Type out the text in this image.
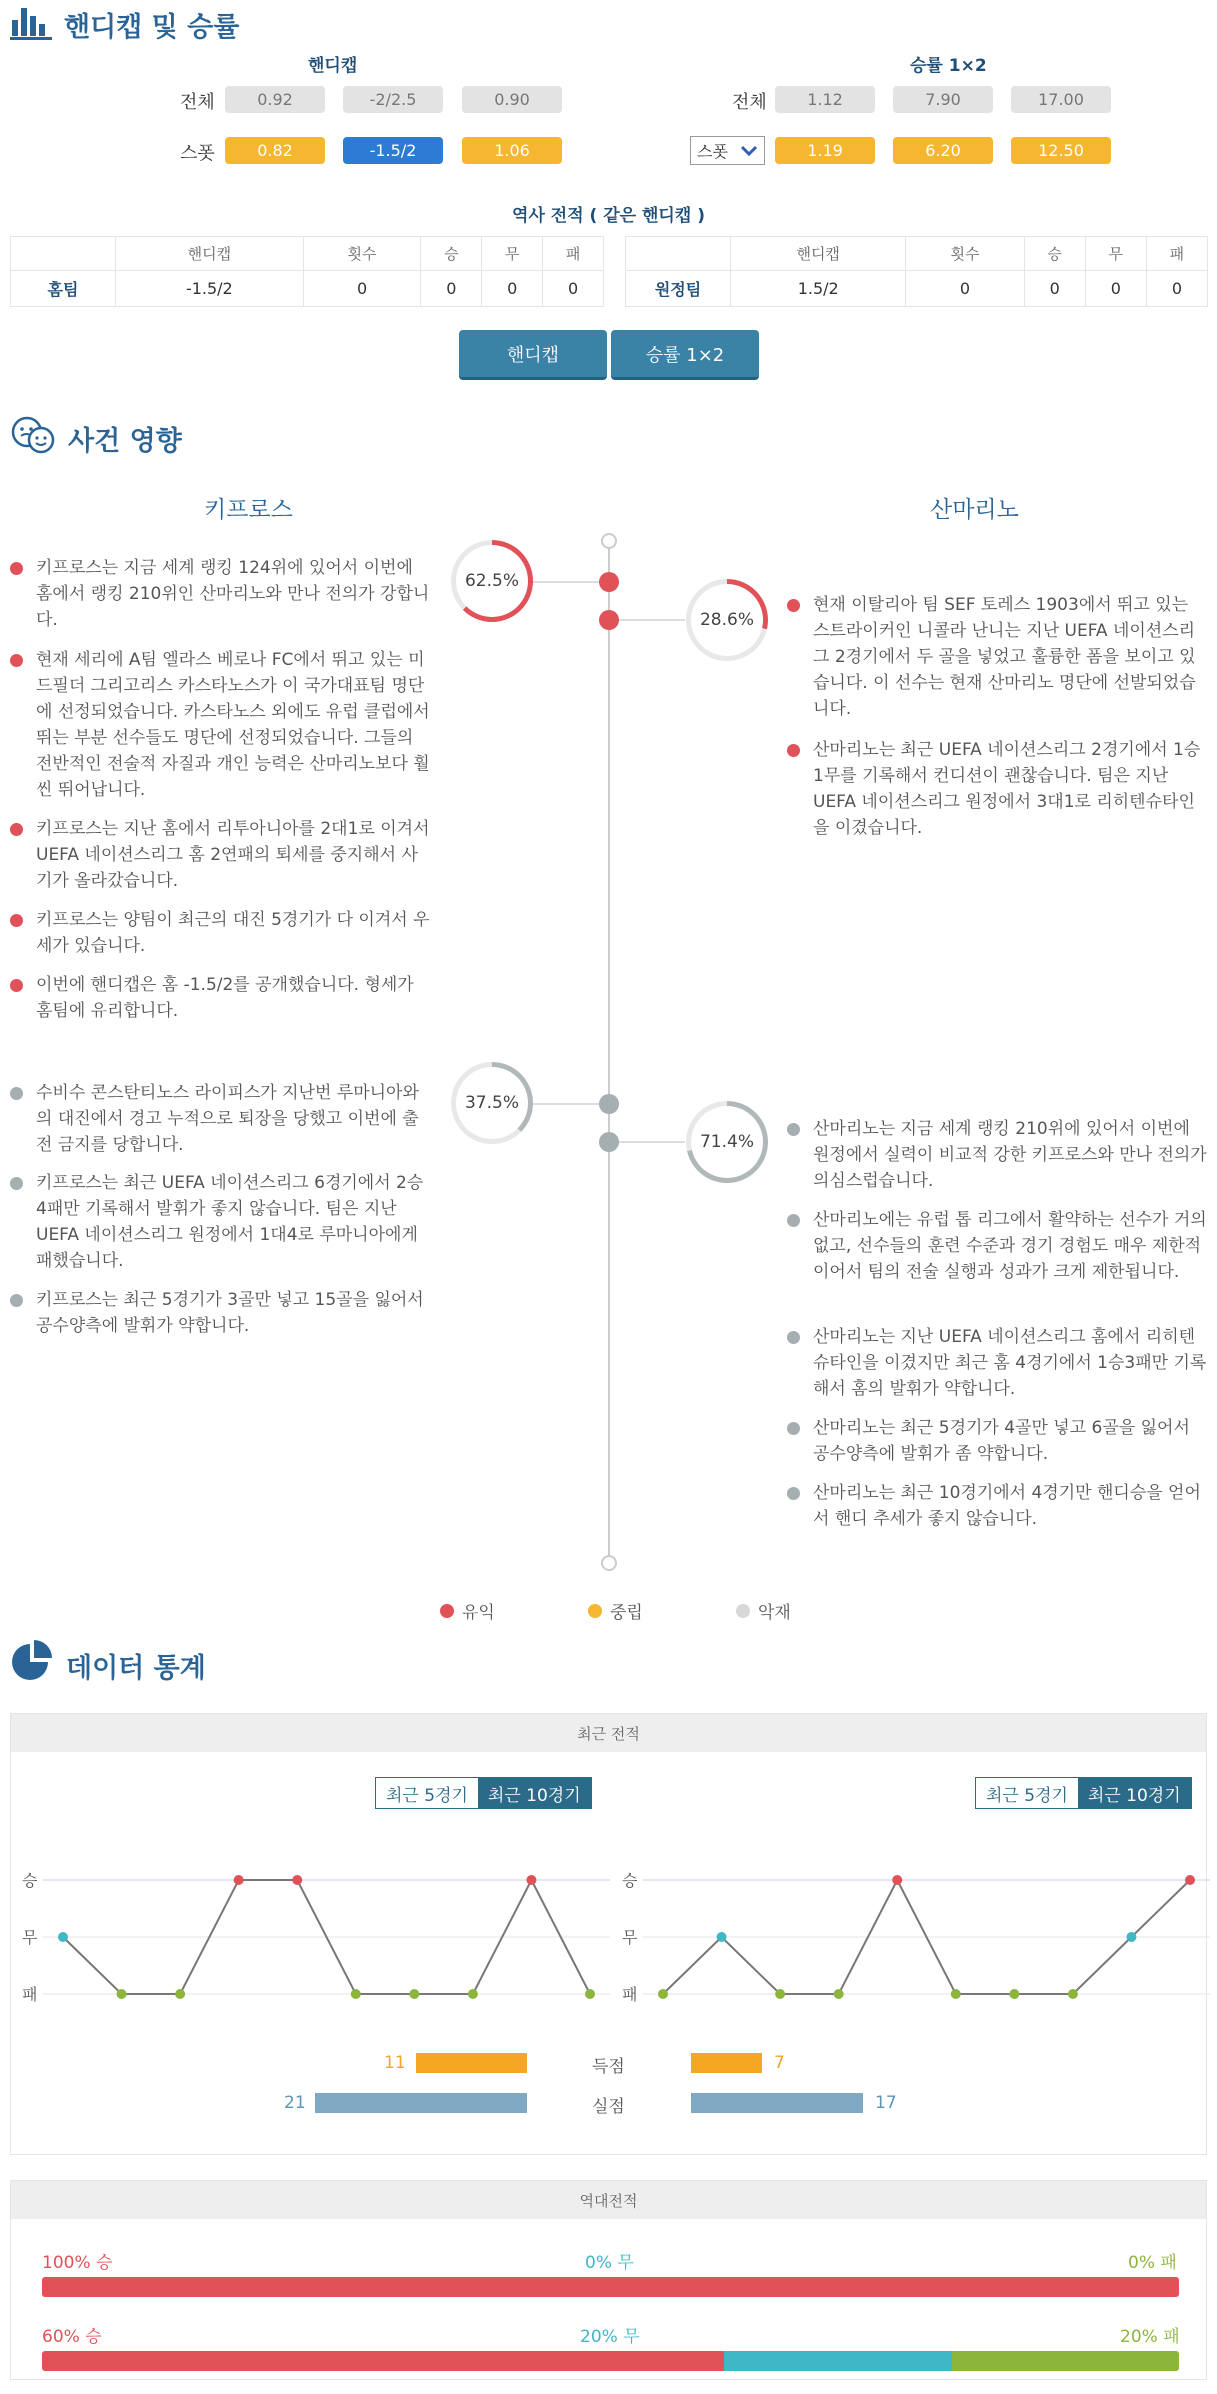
핸디캡 및 승률
핸디캡	승률 1×2
전체	0.92	-2/2.5	0.90
스폿	0.82	-1.5/2	1.06
전체	1.12	7.90	17.00
스폿	1.19	6.20	12.50
역사 전적 ( 같은 핸디캡 )
	핸디캡	횟수	승	무	패
홈팀	-1.5/2	0	0	0	0
	핸디캡	횟수	승	무	패
원정팀	1.5/2	0	0	0	0
핸디캡	승률 1×2
사건 영향
키프로스	산마리노
62.5%
28.6%
37.5%
71.4%
키프로스는 지금 세계 랭킹 124위에 있어서 이번에 홈에서 랭킹 210위인 산마리노와 만나 전의가 강합니다.
현재 세리에 A팀 엘라스 베로나 FC에서 뛰고 있는 미드필더 그리고리스 카스타노스가 이 국가대표팀 명단에 선정되었습니다. 카스타노스 외에도 유럽 클럽에서 뛰는 부분 선수들도 명단에 선정되었습니다. 그들의 전반적인 전술적 자질과 개인 능력은 산마리노보다 훨씬 뛰어납니다.
키프로스는 지난 홈에서 리투아니아를 2대1로 이겨서 UEFA 네이션스리그 홈 2연패의 퇴세를 중지해서 사기가 올라갔습니다.
키프로스는 양팀이 최근의 대진 5경기가 다 이겨서 우세가 있습니다.
이번에 핸디캡은 홈 -1.5/2를 공개했습니다. 형세가 홈팀에 유리합니다.
현재 이탈리아 팀 SEF 토레스 1903에서 뛰고 있는 스트라이커인 니콜라 난니는 지난 UEFA 네이션스리그 2경기에서 두 골을 넣었고 훌륭한 폼을 보이고 있습니다. 이 선수는 현재 산마리노 명단에 선발되었습니다.
산마리노는 최근 UEFA 네이션스리그 2경기에서 1승1무를 기록해서 컨디션이 괜찮습니다. 팀은 지난 UEFA 네이션스리그 원정에서 3대1로 리히텐슈타인을 이겼습니다.
수비수 콘스탄티노스 라이피스가 지난번 루마니아와의 대진에서 경고 누적으로 퇴장을 당했고 이번에 출전 금지를 당합니다.
키프로스는 최근 UEFA 네이션스리그 6경기에서 2승4패만 기록해서 발휘가 좋지 않습니다. 팀은 지난 UEFA 네이션스리그 원정에서 1대4로 루마니아에게 패했습니다.
키프로스는 최근 5경기가 3골만 넣고 15골을 잃어서 공수양측에 발휘가 약합니다.
산마리노는 지금 세계 랭킹 210위에 있어서 이번에 원정에서 실력이 비교적 강한 키프로스와 만나 전의가 의심스럽습니다.
산마리노에는 유럽 톱 리그에서 활약하는 선수가 거의 없고, 선수들의 훈련 수준과 경기 경험도 매우 제한적이어서 팀의 전술 실행과 성과가 크게 제한됩니다.
산마리노는 지난 UEFA 네이션스리그 홈에서 리히텐슈타인을 이겼지만 최근 홈 4경기에서 1승3패만 기록해서 홈의 발휘가 약합니다.
산마리노는 최근 5경기가 4골만 넣고 6골을 잃어서 공수양측에 발휘가 좀 약합니다.
산마리노는 최근 10경기에서 4경기만 핸디승을 얻어서 핸디 추세가 좋지 않습니다.
유익	중립	악재
데이터 통계
최근 전적
최근 5경기	최근 10경기	최근 5경기	최근 10경기
승
무
패
승
무
패
11	득점	7
21	실점	17
역대전적
100% 승	0% 무	0% 패
60% 승	20% 무	20% 패
